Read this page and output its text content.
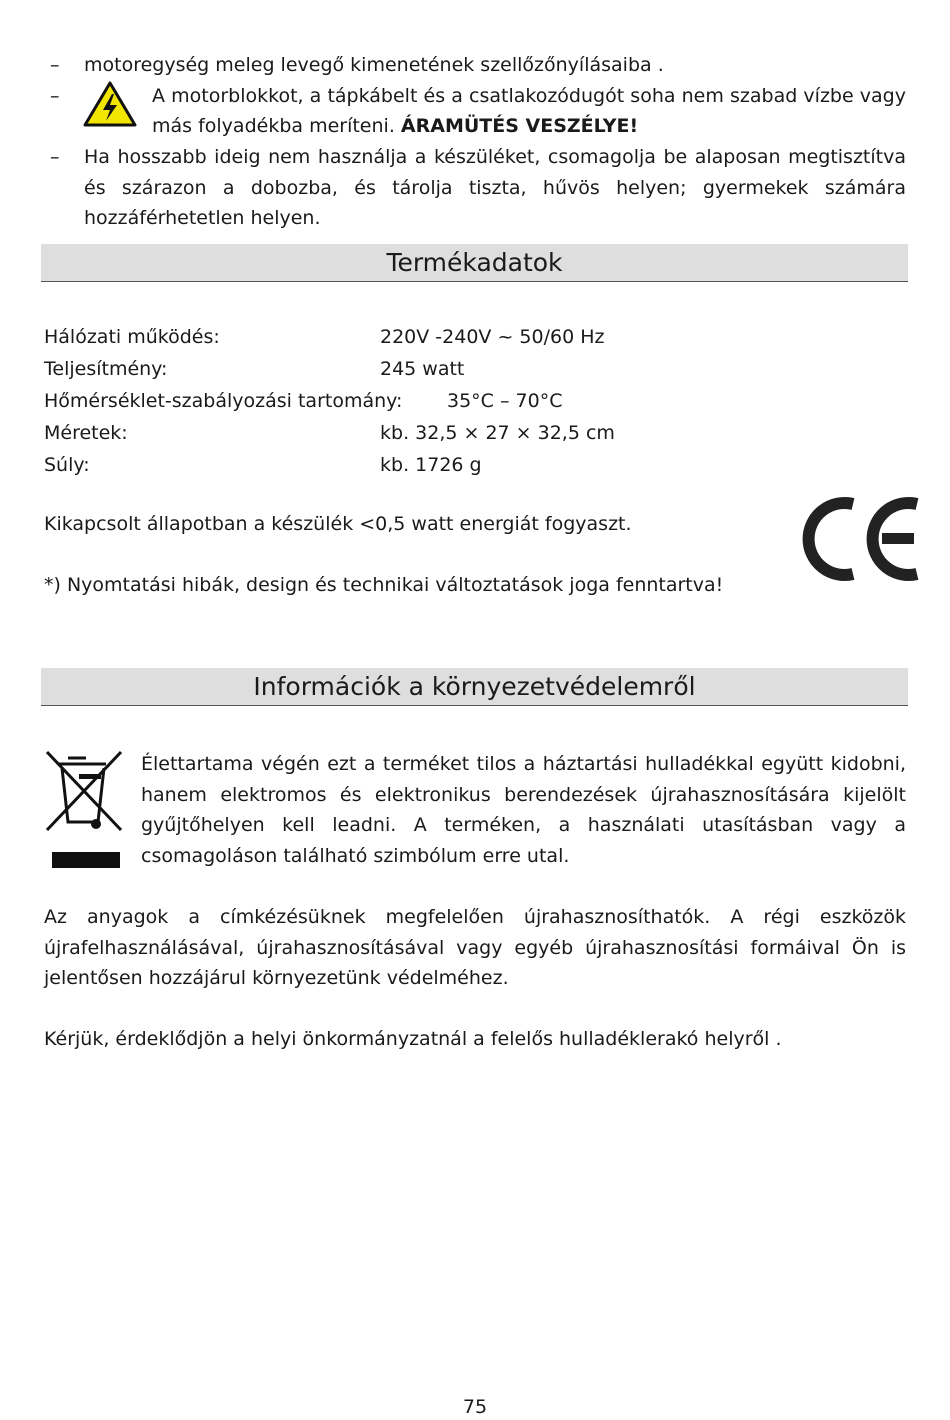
– motoregység meleg levegő kimenetének szellőzőnyílásaiba .
–	A motorblokkot, a tápkábelt és a csatlakozódugót soha nem szabad vízbe vagy
más folyadékba meríteni. ÁRAMÜTÉS VESZÉLYE!
– Ha hosszabb ideig nem használja a készüléket, csomagolja be alaposan megtisztítva és szárazon a dobozba, és tárolja tiszta, hűvös helyen; gyermekek számára hozzáférhetetlen helyen.
Termékadatok
Hálózati működés:	220V -240V ~ 50/60 Hz
Teljesítmény:	245 watt
Hőmérséklet-szabályozási tartomány: 35°C – 70°C
Méretek:	kb. 32,5 × 27 × 32,5 cm
Súly:	kb. 1726 g
Kikapcsolt állapotban a készülék <0,5 watt energiát fogyaszt.
*) Nyomtatási hibák, design és technikai változtatások joga fenntartva!
Információk a környezetvédelemről
Élettartama végén ezt a terméket tilos a háztartási hulladékkal együtt kidobni, hanem elektromos és elektronikus berendezések újrahasznosítására kijelölt gyűjtőhelyen kell leadni. A terméken, a használati utasításban vagy a csomagoláson található szimbólum erre utal.
Az anyagok a címkézésüknek megfelelően újrahasznosíthatók. A régi eszközök újrafelhasználásával, újrahasznosításával vagy egyéb újrahasznosítási formáival Ön is jelentősen hozzájárul környezetünk védelméhez.
Kérjük, érdeklődjön a helyi önkormányzatnál a felelős hulladéklerakó helyről .
75
